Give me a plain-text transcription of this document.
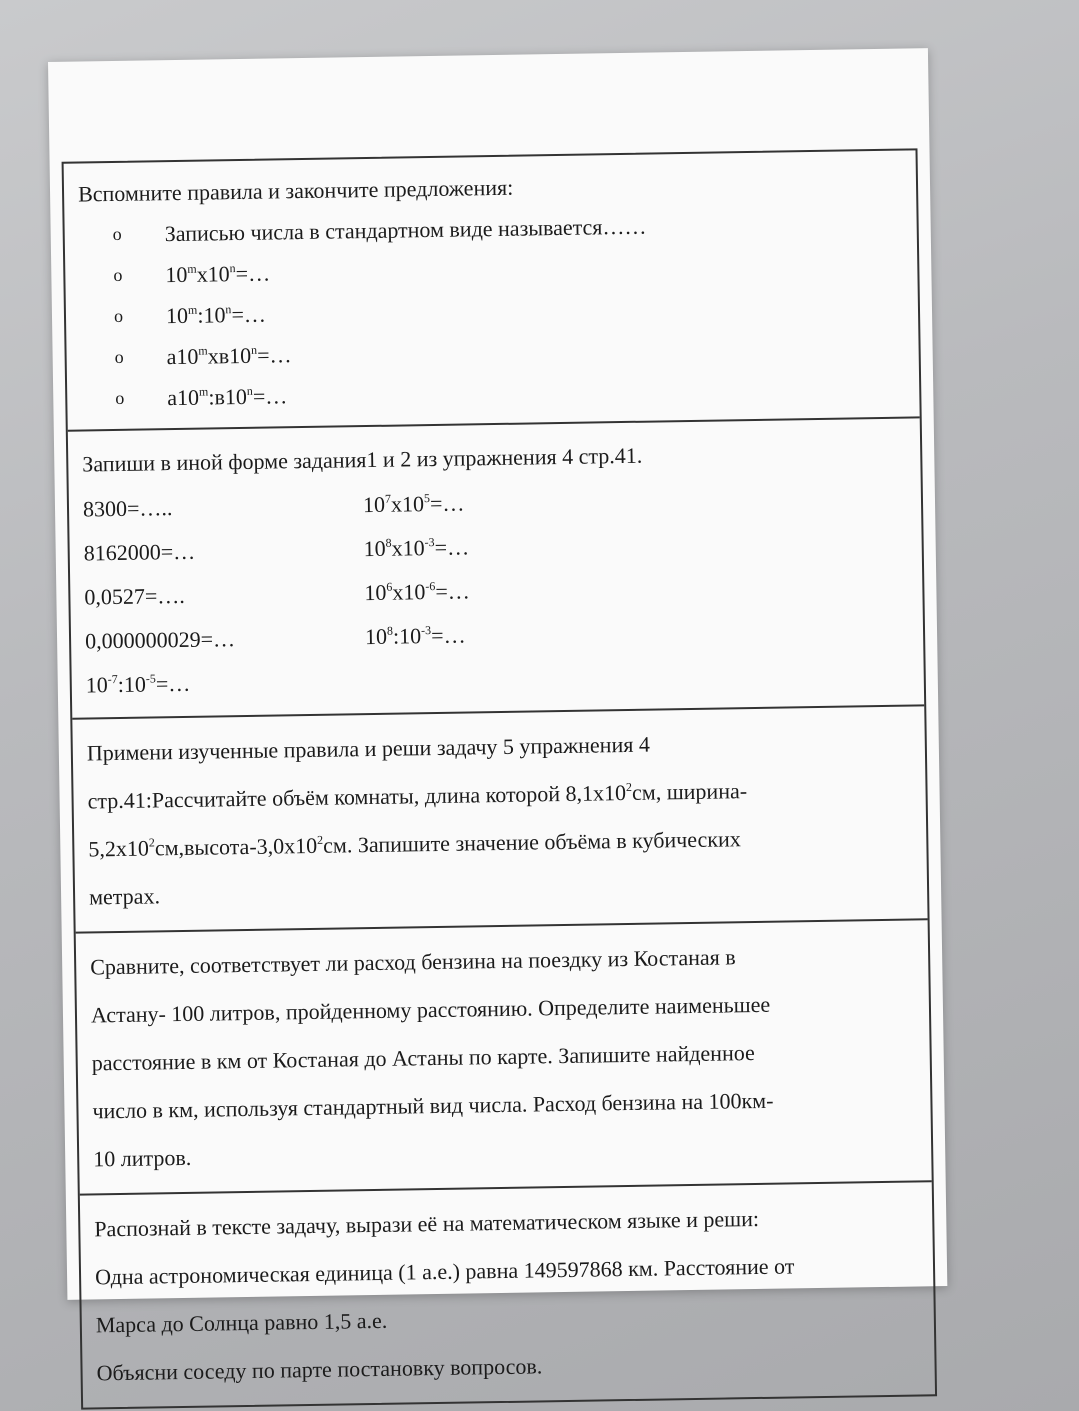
Вспомните правила и закончите предложения:

o Записью числа в стандартном виде называется……
o $10^mx10^n=\dots$
o $10^m:10^n=\dots$
o $a10^mxв10^n=\dots$
o $a10^m:в10^n=\dots$

Запиши в иной форме задания1 и 2 из упражнения 4 стр.41.

8300=…..	$10^7x10^5=\dots$
8162000=…	$10^8x10^{-3}=\dots$
0,0527=….	$10^6x10^{-6}=\dots$
0,000000029=…	$10^8:10^{-3}=\dots$
$10^{-7}:10^{-5}=\dots$
Примени изученные правила и реши задачу 5 упражнения 4
стр.41:Рассчитайте объём комнаты, длина которой $8,1х10^2см$, ширина-
$5,2х10^2см,высота-3,0х10^2см$. Запишите значение объёма в кубических
метрах.
Сравните, соответствует ли расход бензина на поездку из Костаная в
Астану- 100 литров, пройденному расстоянию. Определите наименьшее
расстояние в км от Костаная до Астаны по карте. Запишите найденное
число в км, используя стандартный вид числа. Расход бензина на 100км-
10 литров.
Распознай в тексте задачу, вырази её на математическом языке и реши:
Одна астрономическая единица (1 а.е.) равна 149597868 км. Расстояние от
Марса до Солнца равно 1,5 а.е.
Объясни соседу по парте постановку вопросов.
